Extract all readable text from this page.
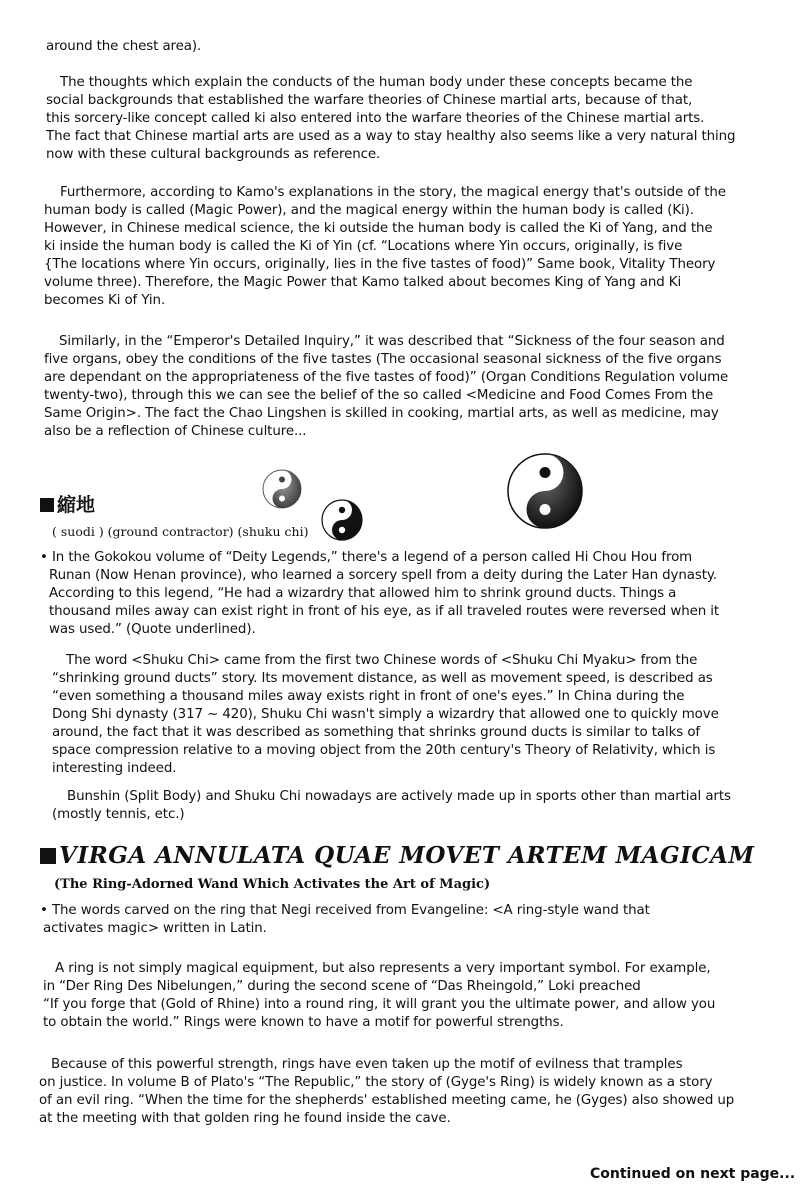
縮地
( suodi ) (ground contractor) (shuku chi)
VIRGA ANNULATA QUAE MOVET ARTEM MAGICAM
(The Ring-Adorned Wand Which Activates the Art of Magic)
Continued on next page...

around the chest area).

The thoughts which explain the conducts of the human body under these concepts became the

social backgrounds that established the warfare theories of Chinese martial arts, because of that,

this sorcery-like concept called ki also entered into the warfare theories of the Chinese martial arts.

The fact that Chinese martial arts are used as a way to stay healthy also seems like a very natural thing

now with these cultural backgrounds as reference.

Furthermore, according to Kamo's explanations in the story, the magical energy that's outside of the

human body is called (Magic Power), and the magical energy within the human body is called (Ki).

However, in Chinese medical science, the ki outside the human body is called the Ki of Yang, and the

ki inside the human body is called the Ki of Yin (cf. “Locations where Yin occurs, originally, is five

{The locations where Yin occurs, originally, lies in the five tastes of food)” Same book, Vitality Theory

volume three). Therefore, the Magic Power that Kamo talked about becomes King of Yang and Ki

becomes Ki of Yin.

Similarly, in the “Emperor's Detailed Inquiry,” it was described that “Sickness of the four season and

five organs, obey the conditions of the five tastes (The occasional seasonal sickness of the five organs

are dependant on the appropriateness of the five tastes of food)” (Organ Conditions Regulation volume

twenty-two), through this we can see the belief of the so called <Medicine and Food Comes From the

Same Origin>. The fact the Chao Lingshen is skilled in cooking, martial arts, as well as medicine, may

also be a reflection of Chinese culture...

• In the Gokokou volume of “Deity Legends,” there's a legend of a person called Hi Chou Hou from

Runan (Now Henan province), who learned a sorcery spell from a deity during the Later Han dynasty.

According to this legend, “He had a wizardry that allowed him to shrink ground ducts. Things a

thousand miles away can exist right in front of his eye, as if all traveled routes were reversed when it

was used.” (Quote underlined).

The word <Shuku Chi> came from the first two Chinese words of <Shuku Chi Myaku> from the

“shrinking ground ducts” story. Its movement distance, as well as movement speed, is described as

“even something a thousand miles away exists right in front of one's eyes.” In China during the

Dong Shi dynasty (317 ~ 420), Shuku Chi wasn't simply a wizardry that allowed one to quickly move

around, the fact that it was described as something that shrinks ground ducts is similar to talks of

space compression relative to a moving object from the 20th century's Theory of Relativity, which is

interesting indeed.

Bunshin (Split Body) and Shuku Chi nowadays are actively made up in sports other than martial arts

(mostly tennis, etc.)

• The words carved on the ring that Negi received from Evangeline: <A ring-style wand that

activates magic> written in Latin.

A ring is not simply magical equipment, but also represents a very important symbol. For example,

in “Der Ring Des Nibelungen,” during the second scene of “Das Rheingold,” Loki preached

“If you forge that (Gold of Rhine) into a round ring, it will grant you the ultimate power, and allow you

to obtain the world.” Rings were known to have a motif for powerful strengths.

Because of this powerful strength, rings have even taken up the motif of evilness that tramples

on justice. In volume B of Plato's “The Republic,” the story of (Gyge's Ring) is widely known as a story

of an evil ring. “When the time for the shepherds' established meeting came, he (Gyges) also showed up

at the meeting with that golden ring he found inside the cave.
